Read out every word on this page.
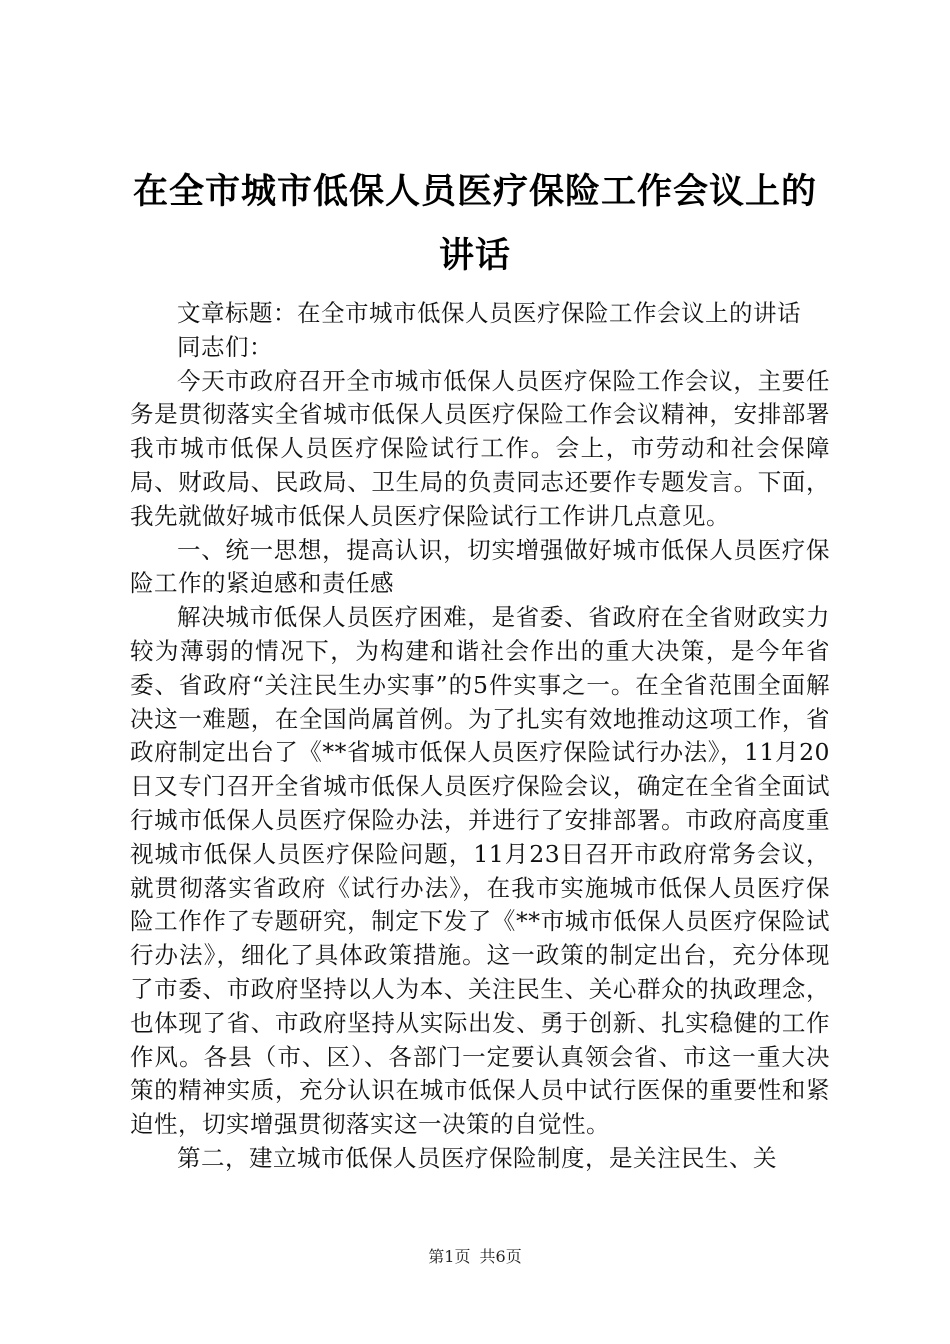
在全市城市低保人员医疗保险工作会议上的讲话

文章标题：在全市城市低保人员医疗保险工作会议上的讲话

同志们：

今天市政府召开全市城市低保人员医疗保险工作会议，主要任务是贯彻落实全省城市低保人员医疗保险工作会议精神，安排部署我市城市低保人员医疗保险试行工作。会上，市劳动和社会保障局、财政局、民政局、卫生局的负责同志还要作专题发言。下面，我先就做好城市低保人员医疗保险试行工作讲几点意见。

一、统一思想，提高认识，切实增强做好城市低保人员医疗保险工作的紧迫感和责任感

解决城市低保人员医疗困难，是省委、省政府在全省财政实力较为薄弱的情况下，为构建和谐社会作出的重大决策，是今年省委、省政府“关注民生办实事”的5件实事之一。在全省范围全面解决这一难题，在全国尚属首例。为了扎实有效地推动这项工作，省政府制定出台了《**省城市低保人员医疗保险试行办法》，11月20日又专门召开全省城市低保人员医疗保险会议，确定在全省全面试行城市低保人员医疗保险办法，并进行了安排部署。市政府高度重视城市低保人员医疗保险问题，11月23日召开市政府常务会议，就贯彻落实省政府《试行办法》，在我市实施城市低保人员医疗保险工作作了专题研究，制定下发了《**市城市低保人员医疗保险试行办法》，细化了具体政策措施。这一政策的制定出台，充分体现了市委、市政府坚持以人为本、关注民生、关心群众的执政理念，也体现了省、市政府坚持从实际出发、勇于创新、扎实稳健的工作作风。各县（市、区）、各部门一定要认真领会省、市这一重大决策的精神实质，充分认识在城市低保人员中试行医保的重要性和紧迫性，切实增强贯彻落实这一决策的自觉性。

第二，建立城市低保人员医疗保险制度，是关注民生、关

第1页 共6页
